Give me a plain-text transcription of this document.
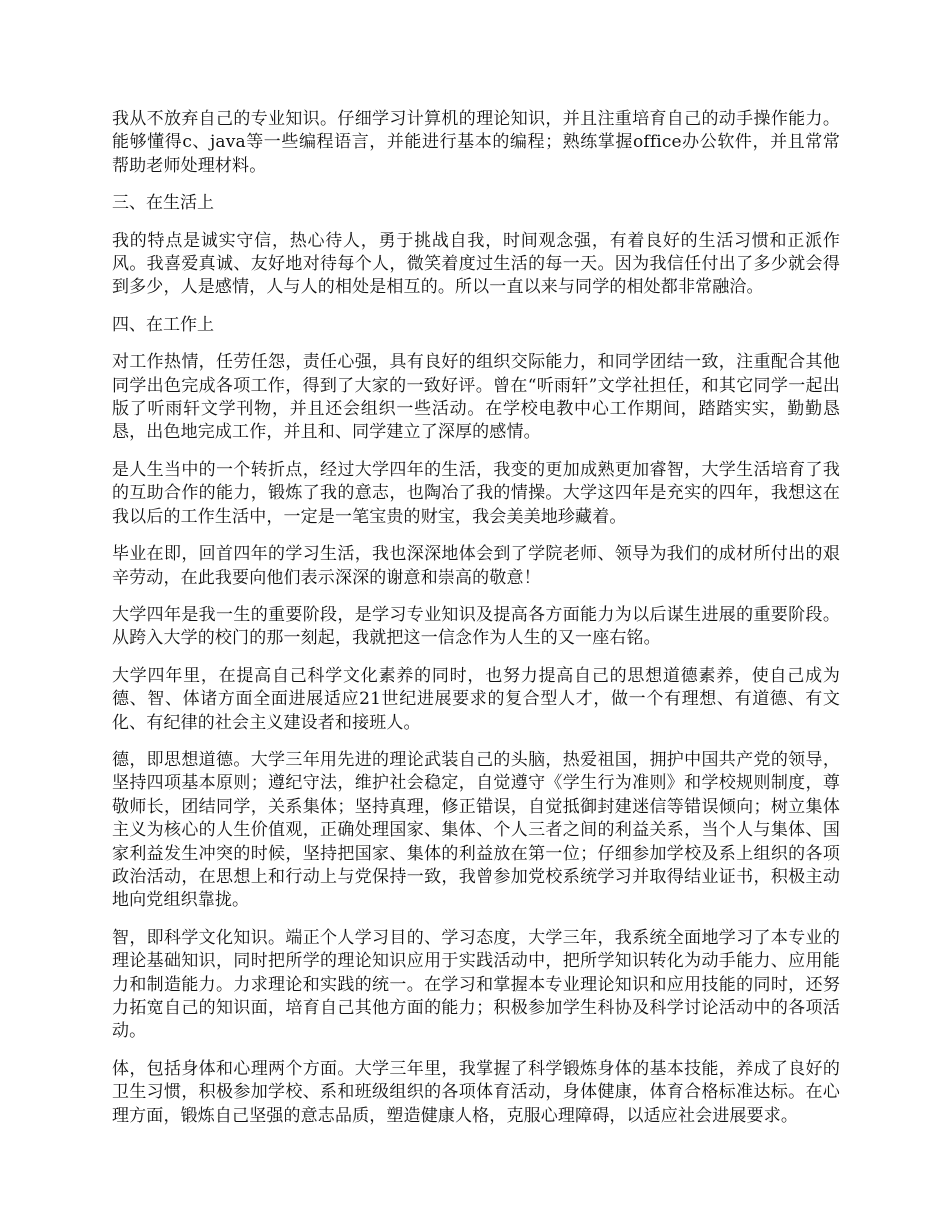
我从不放弃自己的专业知识。仔细学习计算机的理论知识，并且注重培育自己的动手操作能力。能够懂得c、java等一些编程语言，并能进行基本的编程；熟练掌握office办公软件，并且常常帮助老师处理材料。

三、在生活上

我的特点是诚实守信，热心待人，勇于挑战自我，时间观念强，有着良好的生活习惯和正派作风。我喜爱真诚、友好地对待每个人，微笑着度过生活的每一天。因为我信任付出了多少就会得到多少，人是感情，人与人的相处是相互的。所以一直以来与同学的相处都非常融洽。

四、在工作上

对工作热情，任劳任怨，责任心强，具有良好的组织交际能力，和同学团结一致，注重配合其他同学出色完成各项工作，得到了大家的一致好评。曾在“听雨轩”文学社担任，和其它同学一起出版了听雨轩文学刊物，并且还会组织一些活动。在学校电教中心工作期间，踏踏实实，勤勤恳恳，出色地完成工作，并且和、同学建立了深厚的感情。

是人生当中的一个转折点，经过大学四年的生活，我变的更加成熟更加睿智，大学生活培育了我的互助合作的能力，锻炼了我的意志，也陶冶了我的情操。大学这四年是充实的四年，我想这在我以后的工作生活中，一定是一笔宝贵的财宝，我会美美地珍藏着。

毕业在即，回首四年的学习生活，我也深深地体会到了学院老师、领导为我们的成材所付出的艰辛劳动，在此我要向他们表示深深的谢意和崇高的敬意！

大学四年是我一生的重要阶段，是学习专业知识及提高各方面能力为以后谋生进展的重要阶段。从跨入大学的校门的那一刻起，我就把这一信念作为人生的又一座右铭。

大学四年里，在提高自己科学文化素养的同时，也努力提高自己的思想道德素养，使自己成为德、智、体诸方面全面进展适应21世纪进展要求的复合型人才，做一个有理想、有道德、有文化、有纪律的社会主义建设者和接班人。

德，即思想道德。大学三年用先进的理论武装自己的头脑，热爱祖国，拥护中国共产党的领导，坚持四项基本原则；遵纪守法，维护社会稳定，自觉遵守《学生行为准则》和学校规则制度，尊敬师长，团结同学，关系集体；坚持真理，修正错误，自觉抵御封建迷信等错误倾向；树立集体主义为核心的人生价值观，正确处理国家、集体、个人三者之间的利益关系，当个人与集体、国家利益发生冲突的时候，坚持把国家、集体的利益放在第一位；仔细参加学校及系上组织的各项政治活动，在思想上和行动上与党保持一致，我曾参加党校系统学习并取得结业证书，积极主动地向党组织靠拢。

智，即科学文化知识。端正个人学习目的、学习态度，大学三年，我系统全面地学习了本专业的理论基础知识，同时把所学的理论知识应用于实践活动中，把所学知识转化为动手能力、应用能力和制造能力。力求理论和实践的统一。在学习和掌握本专业理论知识和应用技能的同时，还努力拓宽自己的知识面，培育自己其他方面的能力；积极参加学生科协及科学讨论活动中的各项活动。

体，包括身体和心理两个方面。大学三年里，我掌握了科学锻炼身体的基本技能，养成了良好的卫生习惯，积极参加学校、系和班级组织的各项体育活动，身体健康，体育合格标准达标。在心理方面，锻炼自己坚强的意志品质，塑造健康人格，克服心理障碍，以适应社会进展要求。
